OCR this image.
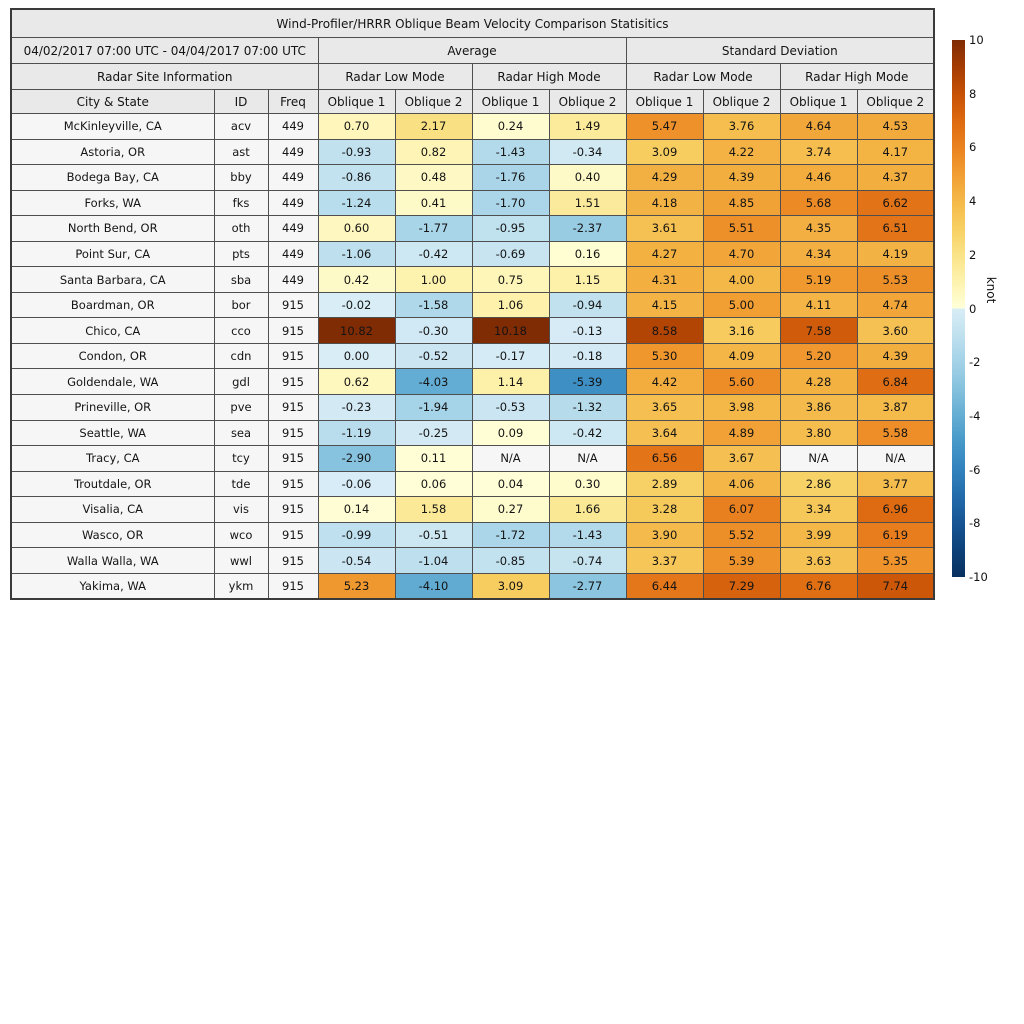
Wind-Profiler/HRRR Oblique Beam Velocity Comparison Statisitics										
04/02/2017 07:00 UTC - 04/04/2017 07:00 UTC			Average				Standard Deviation			
Radar Site Information			Radar Low Mode		Radar High Mode		Radar Low Mode		Radar High Mode	
City & State	ID	Freq	Oblique 1	Oblique 2	Oblique 1	Oblique 2	Oblique 1	Oblique 2	Oblique 1	Oblique 2
McKinleyville, CA	acv	449	0.70	2.17	0.24	1.49	5.47	3.76	4.64	4.53
Astoria, OR	ast	449	-0.93	0.82	-1.43	-0.34	3.09	4.22	3.74	4.17
Bodega Bay, CA	bby	449	-0.86	0.48	-1.76	0.40	4.29	4.39	4.46	4.37
Forks, WA	fks	449	-1.24	0.41	-1.70	1.51	4.18	4.85	5.68	6.62
North Bend, OR	oth	449	0.60	-1.77	-0.95	-2.37	3.61	5.51	4.35	6.51
Point Sur, CA	pts	449	-1.06	-0.42	-0.69	0.16	4.27	4.70	4.34	4.19
Santa Barbara, CA	sba	449	0.42	1.00	0.75	1.15	4.31	4.00	5.19	5.53
Boardman, OR	bor	915	-0.02	-1.58	1.06	-0.94	4.15	5.00	4.11	4.74
Chico, CA	cco	915	10.82	-0.30	10.18	-0.13	8.58	3.16	7.58	3.60
Condon, OR	cdn	915	0.00	-0.52	-0.17	-0.18	5.30	4.09	5.20	4.39
Goldendale, WA	gdl	915	0.62	-4.03	1.14	-5.39	4.42	5.60	4.28	6.84
Prineville, OR	pve	915	-0.23	-1.94	-0.53	-1.32	3.65	3.98	3.86	3.87
Seattle, WA	sea	915	-1.19	-0.25	0.09	-0.42	3.64	4.89	3.80	5.58
Tracy, CA	tcy	915	-2.90	0.11	N/A	N/A	6.56	3.67	N/A	N/A
Troutdale, OR	tde	915	-0.06	0.06	0.04	0.30	2.89	4.06	2.86	3.77
Visalia, CA	vis	915	0.14	1.58	0.27	1.66	3.28	6.07	3.34	6.96
Wasco, OR	wco	915	-0.99	-0.51	-1.72	-1.43	3.90	5.52	3.99	6.19
Walla Walla, WA	wwl	915	-0.54	-1.04	-0.85	-0.74	3.37	5.39	3.63	5.35
Yakima, WA	ykm	915	5.23	-4.10	3.09	-2.77	6.44	7.29	6.76	7.74
10
8
6
4
2
0
-2
-4
-6
-8
-10
knot
